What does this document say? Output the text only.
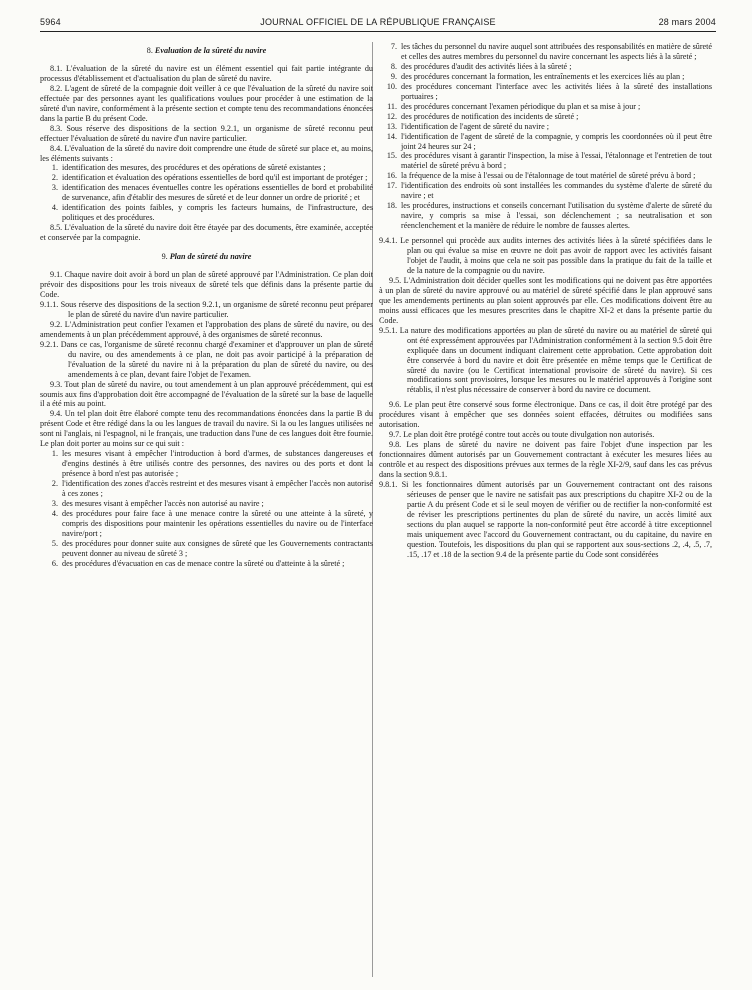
5964	JOURNAL OFFICIEL DE LA RÉPUBLIQUE FRANÇAISE	28 mars 2004
8. Evaluation de la sûreté du navire

8.1. L'évaluation de la sûreté du navire est un élément essentiel qui fait partie intégrante du processus d'établissement et d'actualisation du plan de sûreté du navire.

8.2. L'agent de sûreté de la compagnie doit veiller à ce que l'évaluation de la sûreté du navire soit effectuée par des personnes ayant les qualifications voulues pour procéder à une estimation de la sûreté d'un navire, conformément à la présente section et compte tenu des recommandations énoncées dans la partie B du présent Code.

8.3. Sous réserve des dispositions de la section 9.2.1, un organisme de sûreté reconnu peut effectuer l'évaluation de sûreté du navire d'un navire particulier.

8.4. L'évaluation de la sûreté du navire doit comprendre une étude de sûreté sur place et, au moins, les éléments suivants :

1. identification des mesures, des procédures et des opérations de sûreté existantes ;
2. identification et évaluation des opérations essentielles de bord qu'il est important de protéger ;
3. identification des menaces éventuelles contre les opérations essentielles de bord et probabilité de survenance, afin d'établir des mesures de sûreté et de leur donner un ordre de priorité ; et
4. identification des points faibles, y compris les facteurs humains, de l'infrastructure, des politiques et des procédures.

8.5. L'évaluation de la sûreté du navire doit être étayée par des documents, être examinée, acceptée et conservée par la compagnie.

9. Plan de sûreté du navire

9.1. Chaque navire doit avoir à bord un plan de sûreté approuvé par l'Administration. Ce plan doit prévoir des dispositions pour les trois niveaux de sûreté tels que définis dans la présente partie du Code.

9.1.1. Sous réserve des dispositions de la section 9.2.1, un organisme de sûreté reconnu peut préparer le plan de sûreté du navire d'un navire particulier.

9.2. L'Administration peut confier l'examen et l'approbation des plans de sûreté du navire, ou des amendements à un plan précédemment approuvé, à des organismes de sûreté reconnus.

9.2.1. Dans ce cas, l'organisme de sûreté reconnu chargé d'examiner et d'approuver un plan de sûreté du navire, ou des amendements à ce plan, ne doit pas avoir participé à la préparation de l'évaluation de la sûreté du navire ni à la préparation du plan de sûreté du navire, ou des amendements à ce plan, devant faire l'objet de l'examen.

9.3. Tout plan de sûreté du navire, ou tout amendement à un plan approuvé précédemment, qui est soumis aux fins d'approbation doit être accompagné de l'évaluation de la sûreté sur la base de laquelle il a été mis au point.

9.4. Un tel plan doit être élaboré compte tenu des recommandations énoncées dans la partie B du présent Code et être rédigé dans la ou les langues de travail du navire. Si la ou les langues utilisées ne sont ni l'anglais, ni l'espagnol, ni le français, une traduction dans l'une de ces langues doit être fournie. Le plan doit porter au moins sur ce qui suit :

1. les mesures visant à empêcher l'introduction à bord d'armes, de substances dangereuses et d'engins destinés à être utilisés contre des personnes, des navires ou des ports et dont la présence à bord n'est pas autorisée ;
2. l'identification des zones d'accès restreint et des mesures visant à empêcher l'accès non autorisé à ces zones ;
3. des mesures visant à empêcher l'accès non autorisé au navire ;
4. des procédures pour faire face à une menace contre la sûreté ou une atteinte à la sûreté, y compris des dispositions pour maintenir les opérations essentielles du navire ou de l'interface navire/port ;
5. des procédures pour donner suite aux consignes de sûreté que les Gouvernements contractants peuvent donner au niveau de sûreté 3 ;
6. des procédures d'évacuation en cas de menace contre la sûreté ou d'atteinte à la sûreté ;
7. les tâches du personnel du navire auquel sont attribuées des responsabilités en matière de sûreté et celles des autres membres du personnel du navire concernant les aspects liés à la sûreté ;
8. des procédures d'audit des activités liées à la sûreté ;
9. des procédures concernant la formation, les entraînements et les exercices liés au plan ;
10. des procédures concernant l'interface avec les activités liées à la sûreté des installations portuaires ;
11. des procédures concernant l'examen périodique du plan et sa mise à jour ;
12. des procédures de notification des incidents de sûreté ;
13. l'identification de l'agent de sûreté du navire ;
14. l'identification de l'agent de sûreté de la compagnie, y compris les coordonnées où il peut être joint 24 heures sur 24 ;
15. des procédures visant à garantir l'inspection, la mise à l'essai, l'étalonnage et l'entretien de tout matériel de sûreté prévu à bord ;
16. la fréquence de la mise à l'essai ou de l'étalonnage de tout matériel de sûreté prévu à bord ;
17. l'identification des endroits où sont installées les commandes du système d'alerte de sûreté du navire ; et
18. les procédures, instructions et conseils concernant l'utilisation du système d'alerte de sûreté du navire, y compris sa mise à l'essai, son déclenchement ; sa neutralisation et son réenclenchement et la manière de réduire le nombre de fausses alertes.

9.4.1. Le personnel qui procède aux audits internes des activités liées à la sûreté spécifiées dans le plan ou qui évalue sa mise en œuvre ne doit pas avoir de rapport avec les activités faisant l'objet de l'audit, à moins que cela ne soit pas possible dans la pratique du fait de la taille et de la nature de la compagnie ou du navire.

9.5. L'Administration doit décider quelles sont les modifications qui ne doivent pas être apportées à un plan de sûreté du navire approuvé ou au matériel de sûreté spécifié dans le plan approuvé sans que les amendements pertinents au plan soient approuvés par elle. Ces modifications doivent être au moins aussi efficaces que les mesures prescrites dans le chapitre XI-2 et dans la présente partie du Code.

9.5.1. La nature des modifications apportées au plan de sûreté du navire ou au matériel de sûreté qui ont été expressément approuvées par l'Administration conformément à la section 9.5 doit être expliquée dans un document indiquant clairement cette approbation. Cette approbation doit être conservée à bord du navire et doit être présentée en même temps que le Certificat de sûreté du navire (ou le Certificat international provisoire de sûreté du navire). Si ces modifications sont provisoires, lorsque les mesures ou le matériel approuvés à l'origine sont rétablis, il n'est plus nécessaire de conserver à bord du navire ce document.

9.6. Le plan peut être conservé sous forme électronique. Dans ce cas, il doit être protégé par des procédures visant à empêcher que ses données soient effacées, détruites ou modifiées sans autorisation.

9.7. Le plan doit être protégé contre tout accès ou toute divulgation non autorisés.

9.8. Les plans de sûreté du navire ne doivent pas faire l'objet d'une inspection par les fonctionnaires dûment autorisés par un Gouvernement contractant à exécuter les mesures liées au contrôle et au respect des dispositions prévues aux termes de la règle XI-2/9, sauf dans les cas prévus dans la section 9.8.1.

9.8.1. Si les fonctionnaires dûment autorisés par un Gouvernement contractant ont des raisons sérieuses de penser que le navire ne satisfait pas aux prescriptions du chapitre XI-2 ou de la partie A du présent Code et si le seul moyen de vérifier ou de rectifier la non-conformité est de réviser les prescriptions pertinentes du plan de sûreté du navire, un accès limité aux sections du plan auquel se rapporte la non-conformité peut être accordé à titre exceptionnel mais uniquement avec l'accord du Gouvernement contractant, ou du capitaine, du navire en question. Toutefois, les dispositions du plan qui se rapportent aux sous-sections .2, .4, .5, .7, .15, .17 et .18 de la section 9.4 de la présente partie du Code sont considérées
